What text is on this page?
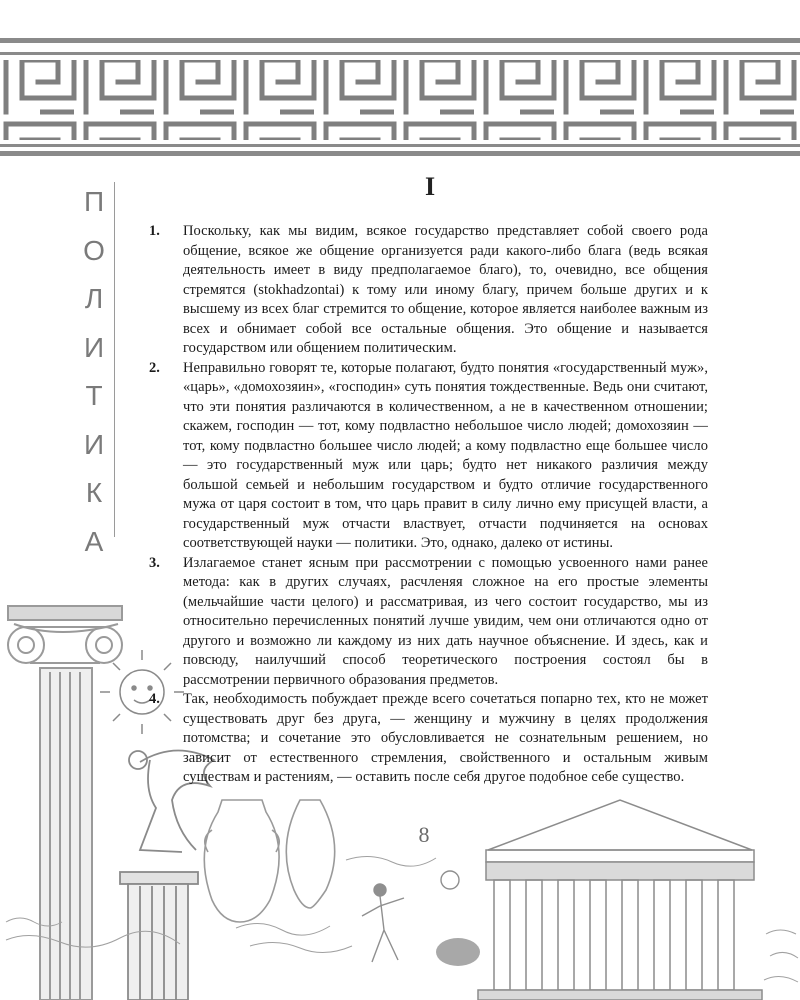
П
О
Л
И
Т
И
К
А
I
1. Поскольку, как мы видим, всякое государство представляет собой своего рода общение, всякое же общение организуется ради какого-либо блага (ведь всякая деятельность имеет в виду предполагаемое благо), то, очевидно, все общения стремятся (stokhadzontai) к тому или иному благу, причем больше других и к высшему из всех благ стремится то общение, которое является наиболее важным из всех и обнимает собой все остальные общения. Это общение и называется государством или общением политическим.
2. Неправильно говорят те, которые полагают, будто понятия «государственный муж», «царь», «домохозяин», «господин» суть понятия тождественные. Ведь они считают, что эти понятия различаются в количественном, а не в качественном отношении; скажем, господин — тот, кому подвластно небольшое число людей; домохозяин — тот, кому подвластно большее число людей; а кому подвластно еще большее число — это государственный муж или царь; будто нет никакого различия между большой семьей и небольшим государством и будто отличие государственного мужа от царя состоит в том, что царь правит в силу лично ему присущей власти, а государственный муж отчасти властвует, отчасти подчиняется на основах соответствующей науки — политики. Это, однако, далеко от истины.
3. Излагаемое станет ясным при рассмотрении с помощью усвоенного нами ранее метода: как в других случаях, расчленяя сложное на его простые элементы (мельчайшие части целого) и рассматривая, из чего состоит государство, мы из относительно перечисленных понятий лучше увидим, чем они отличаются одно от другого и возможно ли каждому из них дать научное объяснение. И здесь, как и повсюду, наилучший способ теоретического построения состоял бы в рассмотрении первичного образования предметов.
4. Так, необходимость побуждает прежде всего сочетаться попарно тех, кто не может существовать друг без друга, — женщину и мужчину в целях продолжения потомства; и сочетание это обусловливается не сознательным решением, но зависит от естественного стремления, свойственного и остальным живым существам и растениям, — оставить после себя другое подобное себе существо.
8
